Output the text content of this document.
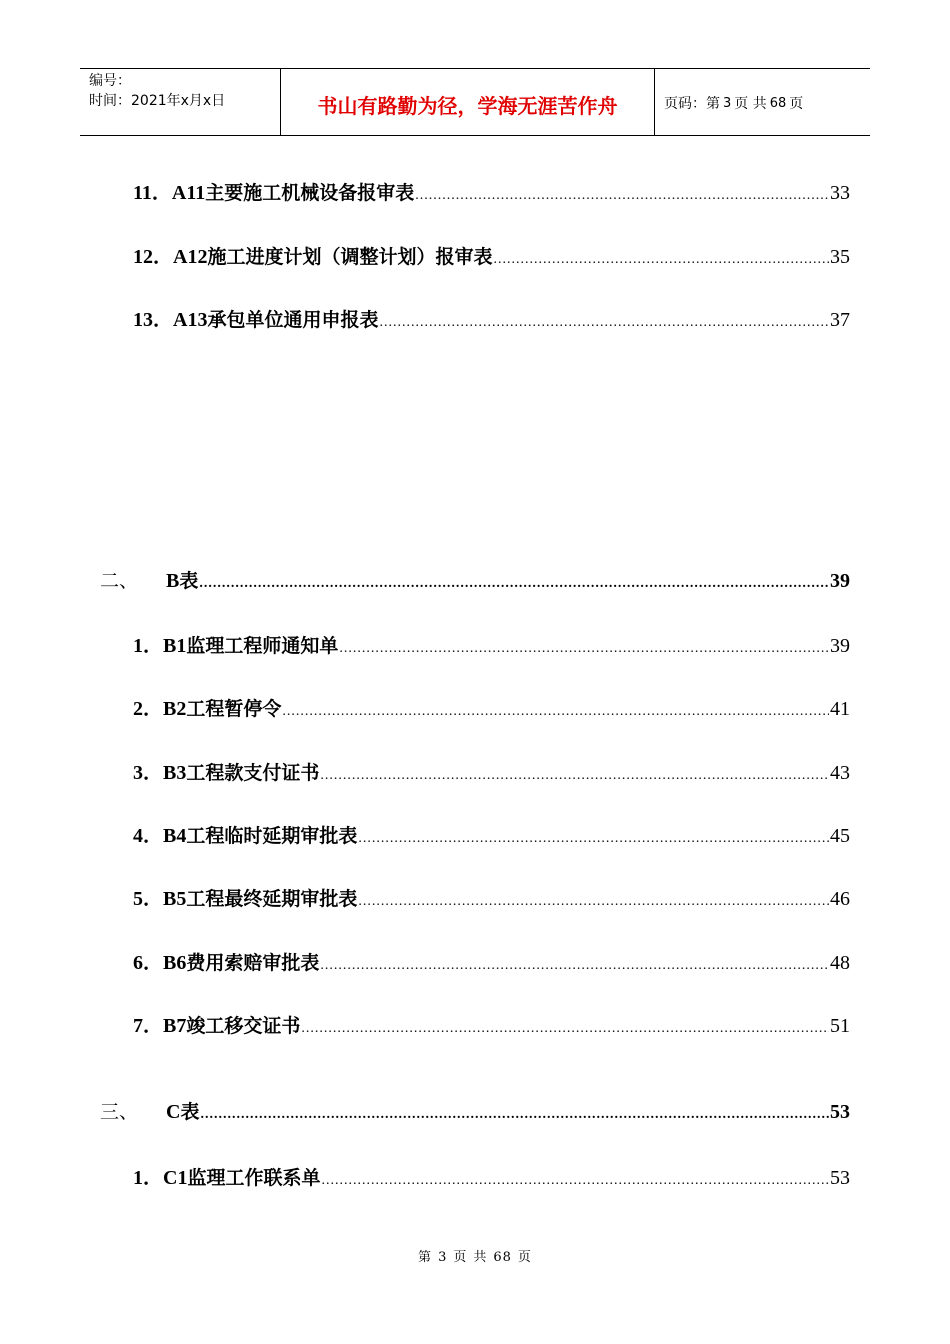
编号：
时间：2021年x月x日	书山有路勤为径，学海无涯苦作舟	页码：第 3 页 共 68 页
11． A11 主要施工机械设备报审表 .....	33
12． A12 施工进度计划（调整计划）报审表 .....	35
13． A13 承包单位通用申报表 .....	37
二、	B 表 .....	39
1． B1 监理工程师通知单 .....	39
2． B2 工程暂停令 .....	41
3． B3 工程款支付证书 .....	43
4． B4 工程临时延期审批表 .....	45
5． B5 工程最终延期审批表 .....	46
6． B6 费用索赔审批表 .....	48
7． B7 竣工移交证书 .....	51
三、	C 表 .....	53
1． C1 监理工作联系单 .....	53
第 3 页 共 68 页
